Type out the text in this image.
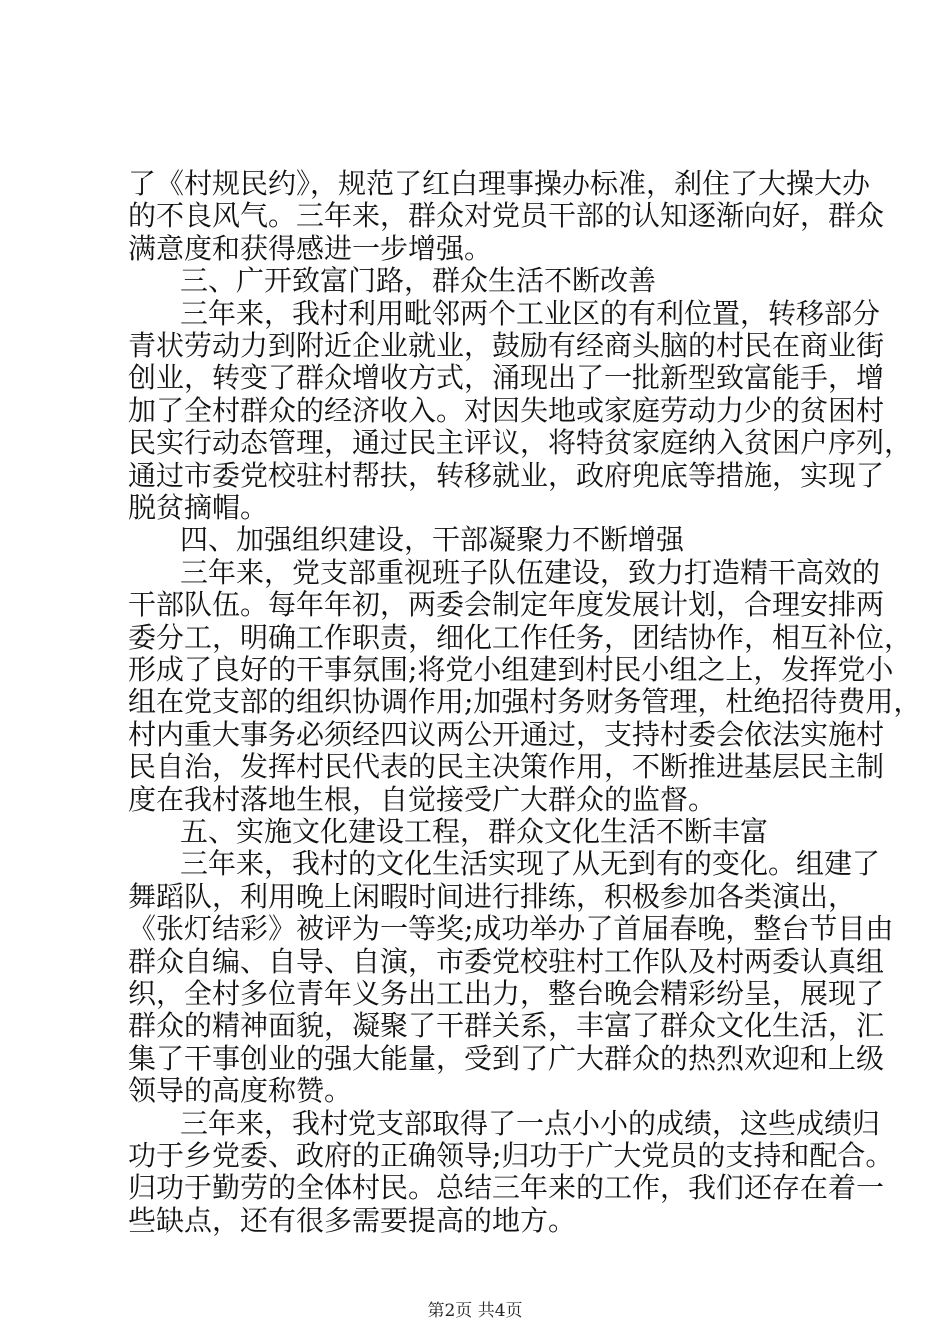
了《村规民约》，规范了红白理事操办标准，刹住了大操大办
的不良风气。三年来，群众对党员干部的认知逐渐向好，群众
满意度和获得感进一步增强。
三、广开致富门路，群众生活不断改善
三年来，我村利用毗邻两个工业区的有利位置，转移部分
青状劳动力到附近企业就业，鼓励有经商头脑的村民在商业街
创业，转变了群众增收方式，涌现出了一批新型致富能手，增
加了全村群众的经济收入。对因失地或家庭劳动力少的贫困村
民实行动态管理，通过民主评议，将特贫家庭纳入贫困户序列，
通过市委党校驻村帮扶，转移就业，政府兜底等措施，实现了
脱贫摘帽。
四、加强组织建设，干部凝聚力不断增强
三年来，党支部重视班子队伍建设，致力打造精干高效的
干部队伍。每年年初，两委会制定年度发展计划，合理安排两
委分工，明确工作职责，细化工作任务，团结协作，相互补位，
形成了良好的干事氛围;将党小组建到村民小组之上，发挥党小
组在党支部的组织协调作用;加强村务财务管理，杜绝招待费用，
村内重大事务必须经四议两公开通过，支持村委会依法实施村
民自治，发挥村民代表的民主决策作用，不断推进基层民主制
度在我村落地生根，自觉接受广大群众的监督。
五、实施文化建设工程，群众文化生活不断丰富
三年来，我村的文化生活实现了从无到有的变化。组建了
舞蹈队，利用晚上闲暇时间进行排练，积极参加各类演出，
《张灯结彩》被评为一等奖;成功举办了首届春晚，整台节目由
群众自编、自导、自演，市委党校驻村工作队及村两委认真组
织，全村多位青年义务出工出力，整台晚会精彩纷呈，展现了
群众的精神面貌，凝聚了干群关系，丰富了群众文化生活，汇
集了干事创业的强大能量，受到了广大群众的热烈欢迎和上级
领导的高度称赞。
三年来，我村党支部取得了一点小小的成绩，这些成绩归
功于乡党委、政府的正确领导;归功于广大党员的支持和配合。
归功于勤劳的全体村民。总结三年来的工作，我们还存在着一
些缺点，还有很多需要提高的地方。
第2页 共4页
